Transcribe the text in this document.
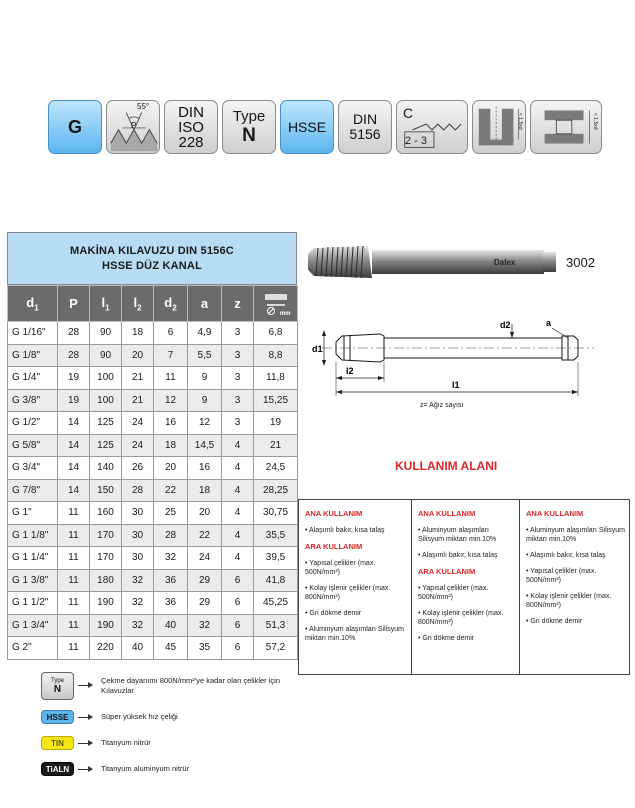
G
55°
P
DIN
ISO
228
Type
N	HSSE DIN
5156
C
2 - 3
< 1,5xd	< 1,5xd
MAKİNA KILAVUZU DIN 5156C
HSSE DÜZ KANAL
$d_1$	P	$l_1$	$l_2$	$d_2$	a	z	mm

G 1/16"	28	90	18	6	4,9	3	6,8
G 1/8"	28	90	20	7	5,5	3	8,8
G 1/4"	19	100	21	11	9	3	11,8
G 3/8"	19	100	21	12	9	3	15,25
G 1/2"	14	125	24	16	12	3	19
G 5/8"	14	125	24	18	14,5	4	21
G 3/4"	14	140	26	20	16	4	24,5
G 7/8"	14	150	28	22	18	4	28,25
G 1"	11	160	30	25	20	4	30,75
G 1 1/8"	11	170	30	28	22	4	35,5
G 1 1/4"	11	170	30	32	24	4	39,5
G 1 3/8"	11	180	32	36	29	6	41,8
G 1 1/2"	11	190	32	36	29	6	45,25
G 1 3/4"	11	190	32	40	32	6	51,3
G 2"	11	220	40	45	35	6	57,2
Dalex	3002
d1
d2	a
l2
l1
z= Ağız sayısı
KULLANIM ALANI
ANA KULLANIM
• Alaşımlı bakır, kısa talaş
ARA KULLANIM
• Yapısal çelikler (max. 500N/mm²)
• Kolay işlenir çelikler (max. 800N/mm²)
• Gri dökme demir
• Aluminyum alaşımları Silisyum miktarı min.10%
ANA KULLANIM
• Aluminyum alaşımları Silisyum miktarı min.10%
• Alaşımlı bakır, kısa talaş
ARA KULLANIM
• Yapısal çelikler (max. 500N/mm²)
• Kolay işlenir çelikler (max. 800N/mm²)
• Gri dökme demir
ANA KULLANIM
• Aluminyum alaşımları Silisyum miktarı min.10%
• Alaşımlı bakır, kısa talaş
• Yapısal çelikler (max. 500N/mm²)
• Kolay işlenir çelikler (max. 800N/mm²)
• Gri dökme demir
Type
N
Çekme dayanımı 800N/mm²'ye kadar olan çelikler için Kılavuzlar
HSSE	Süper yüksek hız çeliği
TIN	Titanyum nitrür
TiALN	Titanyum aluminyum nitrür
